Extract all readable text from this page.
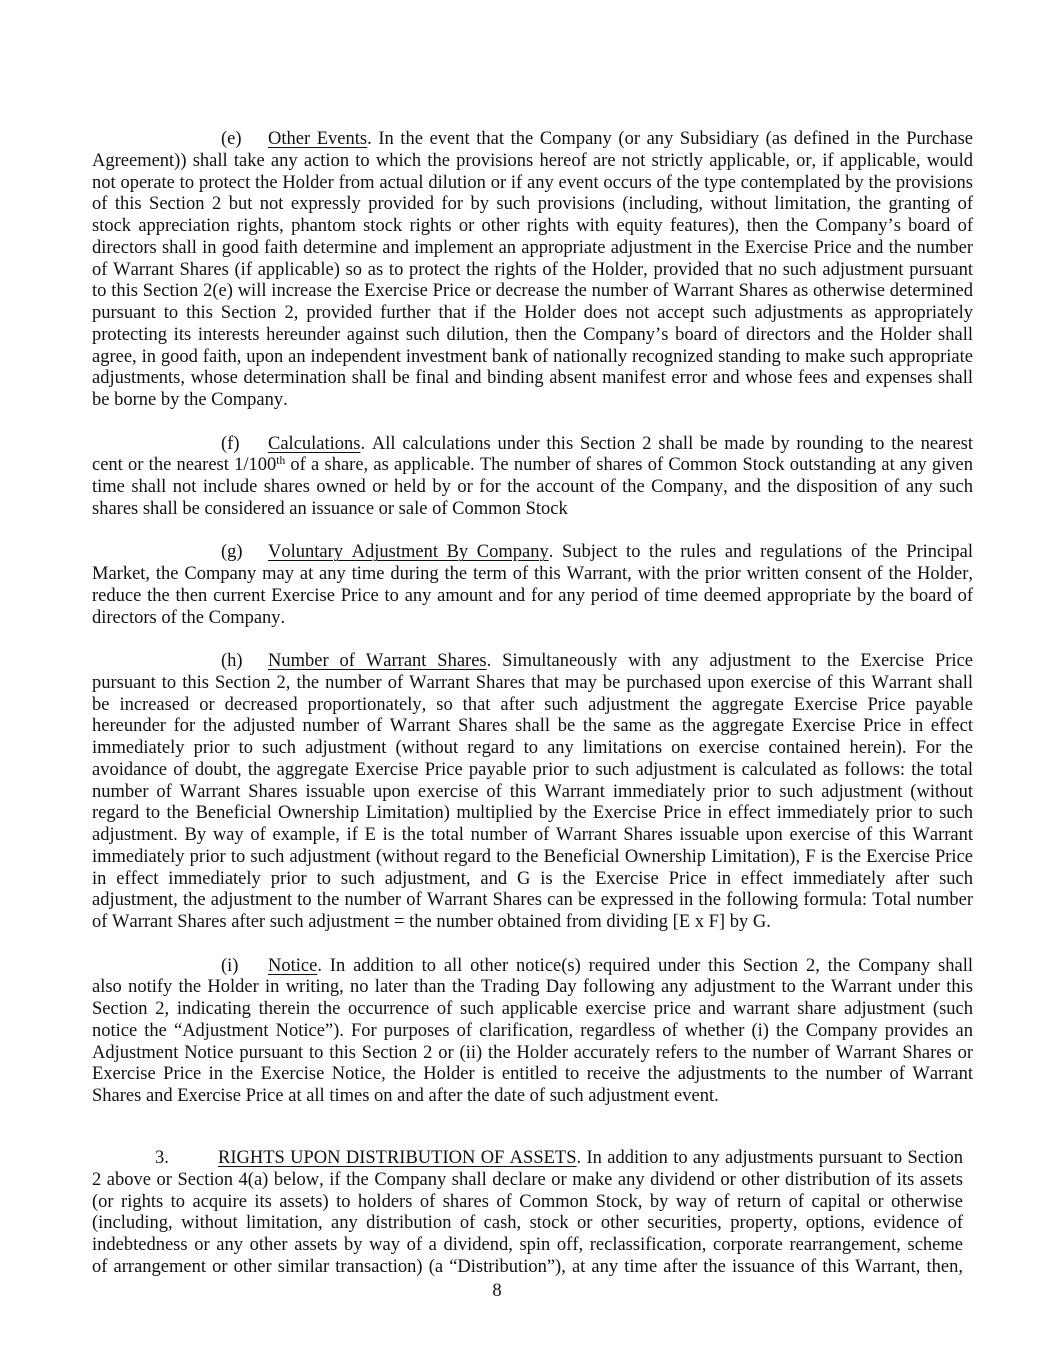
(e) Other Events. In the event that the Company (or any Subsidiary (as defined in the Purchase
Agreement)) shall take any action to which the provisions hereof are not strictly applicable, or, if applicable, would
not operate to protect the Holder from actual dilution or if any event occurs of the type contemplated by the provisions
of this Section 2 but not expressly provided for by such provisions (including, without limitation, the granting of
stock appreciation rights, phantom stock rights or other rights with equity features), then the Company’s board of
directors shall in good faith determine and implement an appropriate adjustment in the Exercise Price and the number
of Warrant Shares (if applicable) so as to protect the rights of the Holder, provided that no such adjustment pursuant
to this Section 2(e) will increase the Exercise Price or decrease the number of Warrant Shares as otherwise determined
pursuant to this Section 2, provided further that if the Holder does not accept such adjustments as appropriately
protecting its interests hereunder against such dilution, then the Company’s board of directors and the Holder shall
agree, in good faith, upon an independent investment bank of nationally recognized standing to make such appropriate
adjustments, whose determination shall be final and binding absent manifest error and whose fees and expenses shall
be borne by the Company.
(f) Calculations. All calculations under this Section 2 shall be made by rounding to the nearest
cent or the nearest 1/100th of a share, as applicable. The number of shares of Common Stock outstanding at any given
time shall not include shares owned or held by or for the account of the Company, and the disposition of any such
shares shall be considered an issuance or sale of Common Stock
(g) Voluntary Adjustment By Company. Subject to the rules and regulations of the Principal
Market, the Company may at any time during the term of this Warrant, with the prior written consent of the Holder,
reduce the then current Exercise Price to any amount and for any period of time deemed appropriate by the board of
directors of the Company.
(h) Number of Warrant Shares. Simultaneously with any adjustment to the Exercise Price
pursuant to this Section 2, the number of Warrant Shares that may be purchased upon exercise of this Warrant shall
be increased or decreased proportionately, so that after such adjustment the aggregate Exercise Price payable
hereunder for the adjusted number of Warrant Shares shall be the same as the aggregate Exercise Price in effect
immediately prior to such adjustment (without regard to any limitations on exercise contained herein). For the
avoidance of doubt, the aggregate Exercise Price payable prior to such adjustment is calculated as follows: the total
number of Warrant Shares issuable upon exercise of this Warrant immediately prior to such adjustment (without
regard to the Beneficial Ownership Limitation) multiplied by the Exercise Price in effect immediately prior to such
adjustment. By way of example, if E is the total number of Warrant Shares issuable upon exercise of this Warrant
immediately prior to such adjustment (without regard to the Beneficial Ownership Limitation), F is the Exercise Price
in effect immediately prior to such adjustment, and G is the Exercise Price in effect immediately after such
adjustment, the adjustment to the number of Warrant Shares can be expressed in the following formula: Total number
of Warrant Shares after such adjustment = the number obtained from dividing [E x F] by G.
(i) Notice. In addition to all other notice(s) required under this Section 2, the Company shall
also notify the Holder in writing, no later than the Trading Day following any adjustment to the Warrant under this
Section 2, indicating therein the occurrence of such applicable exercise price and warrant share adjustment (such
notice the “Adjustment Notice”). For purposes of clarification, regardless of whether (i) the Company provides an
Adjustment Notice pursuant to this Section 2 or (ii) the Holder accurately refers to the number of Warrant Shares or
Exercise Price in the Exercise Notice, the Holder is entitled to receive the adjustments to the number of Warrant
Shares and Exercise Price at all times on and after the date of such adjustment event.
3.	RIGHTS UPON DISTRIBUTION OF ASSETS. In addition to any adjustments pursuant to Section
2 above or Section 4(a) below, if the Company shall declare or make any dividend or other distribution of its assets
(or rights to acquire its assets) to holders of shares of Common Stock, by way of return of capital or otherwise
(including, without limitation, any distribution of cash, stock or other securities, property, options, evidence of
indebtedness or any other assets by way of a dividend, spin off, reclassification, corporate rearrangement, scheme
of arrangement or other similar transaction) (a “Distribution”), at any time after the issuance of this Warrant, then,
8
